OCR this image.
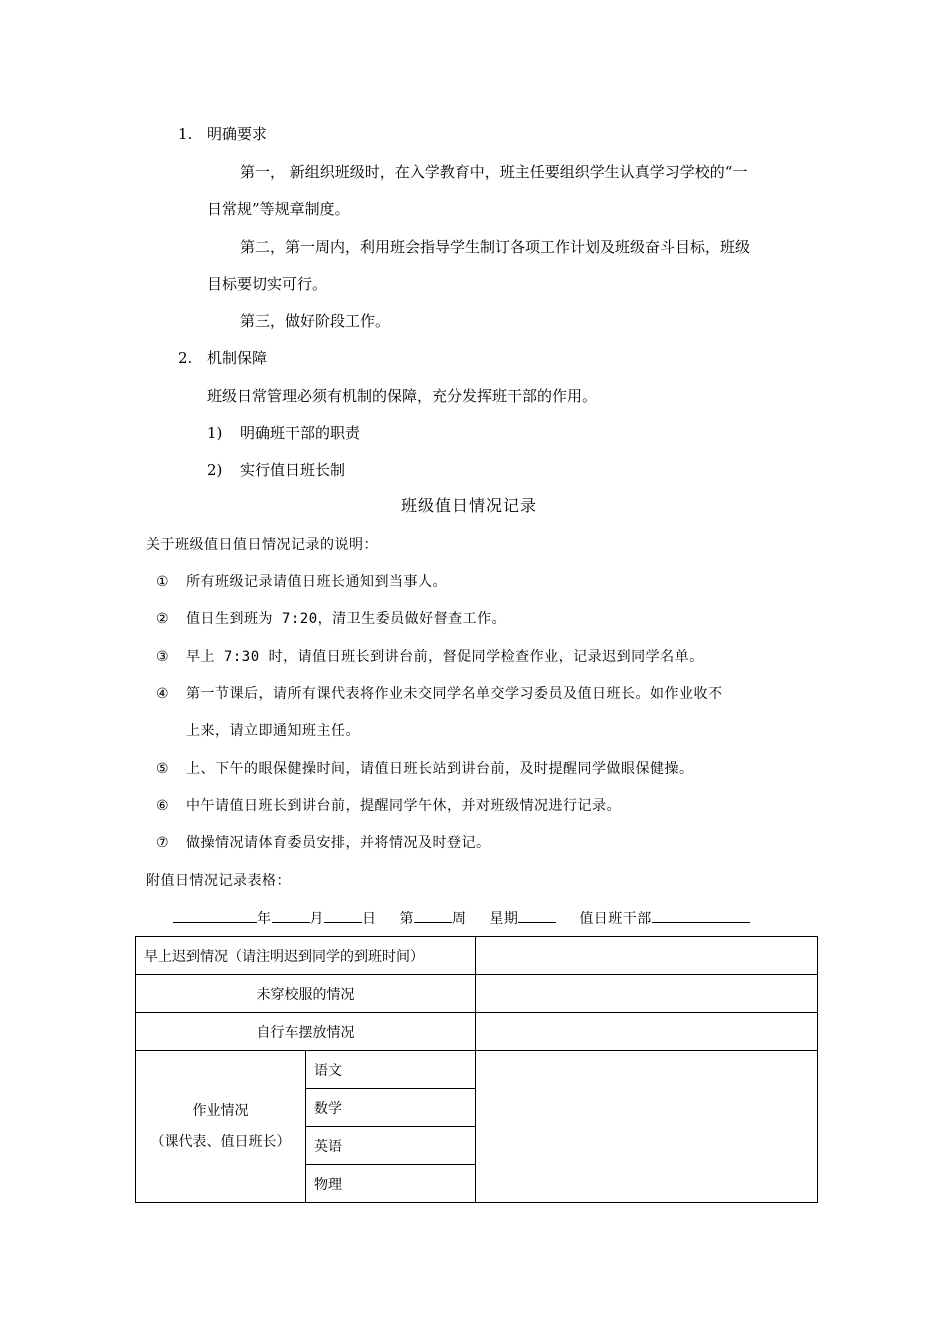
1. 明确要求
第一， 新组织班级时，在入学教育中，班主任要组织学生认真学习学校的“一
日常规”等规章制度。
第二，第一周内，利用班会指导学生制订各项工作计划及班级奋斗目标，班级
目标要切实可行。
第三，做好阶段工作。
2. 机制保障
班级日常管理必须有机制的保障，充分发挥班干部的作用。
1) 明确班干部的职责
2) 实行值日班长制
班级值日情况记录
关于班级值日值日情况记录的说明：
① 所有班级记录请值日班长通知到当事人。
② 值日生到班为 7:20，清卫生委员做好督查工作。
③ 早上 7:30 时，请值日班长到讲台前，督促同学检查作业，记录迟到同学名单。
④ 第一节课后，请所有课代表将作业未交同学名单交学习委员及值日班长。如作业收不
上来，请立即通知班主任。
⑤ 上、下午的眼保健操时间，请值日班长站到讲台前，及时提醒同学做眼保健操。
⑥ 中午请值日班长到讲台前，提醒同学午休，并对班级情况进行记录。
⑦ 做操情况请体育委员安排，并将情况及时登记。
附值日情况记录表格：
年	月	日 第	周 星期	值日班干部
早上迟到情况（请注明迟到同学的到班时间）		
未穿校服的情况		
自行车摆放情况		

作业情况
（课代表、值日班长）	语文	
	数学	
	英语	
	物理	
